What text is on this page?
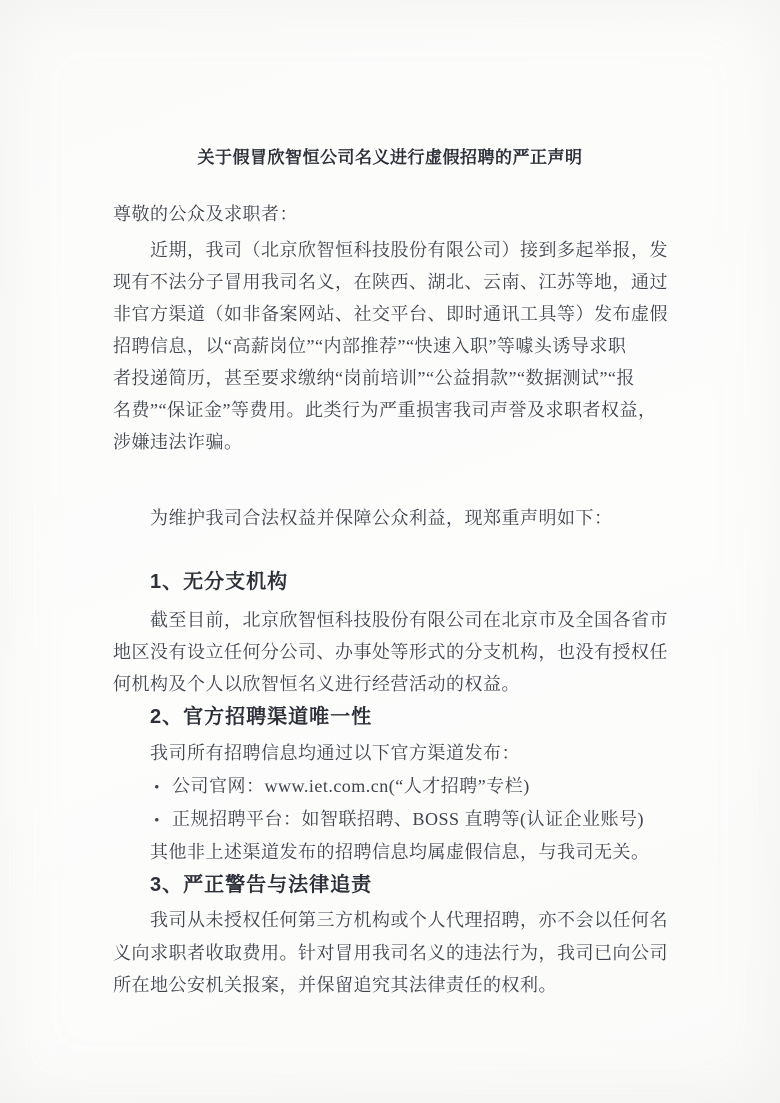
关于假冒欣智恒公司名义进行虚假招聘的严正声明
尊敬的公众及求职者：
近期，我司（北京欣智恒科技股份有限公司）接到多起举报，发
现有不法分子冒用我司名义，在陕西、湖北、云南、江苏等地，通过
非官方渠道（如非备案网站、社交平台、即时通讯工具等）发布虚假
招聘信息，以“高薪岗位”“内部推荐”“快速入职”等噱头诱导求职
者投递简历，甚至要求缴纳“岗前培训”“公益捐款”“数据测试”“报
名费”“保证金”等费用。此类行为严重损害我司声誉及求职者权益，
涉嫌违法诈骗。
为维护我司合法权益并保障公众利益，现郑重声明如下：
1、无分支机构
截至目前，北京欣智恒科技股份有限公司在北京市及全国各省市
地区没有设立任何分公司、办事处等形式的分支机构，也没有授权任
何机构及个人以欣智恒名义进行经营活动的权益。
2、官方招聘渠道唯一性
我司所有招聘信息均通过以下官方渠道发布：
• 公司官网：www.iet.com.cn(“人才招聘”专栏)
• 正规招聘平台：如智联招聘、BOSS 直聘等(认证企业账号)
其他非上述渠道发布的招聘信息均属虚假信息，与我司无关。
3、严正警告与法律追责
我司从未授权任何第三方机构或个人代理招聘，亦不会以任何名
义向求职者收取费用。针对冒用我司名义的违法行为，我司已向公司
所在地公安机关报案，并保留追究其法律责任的权利。
